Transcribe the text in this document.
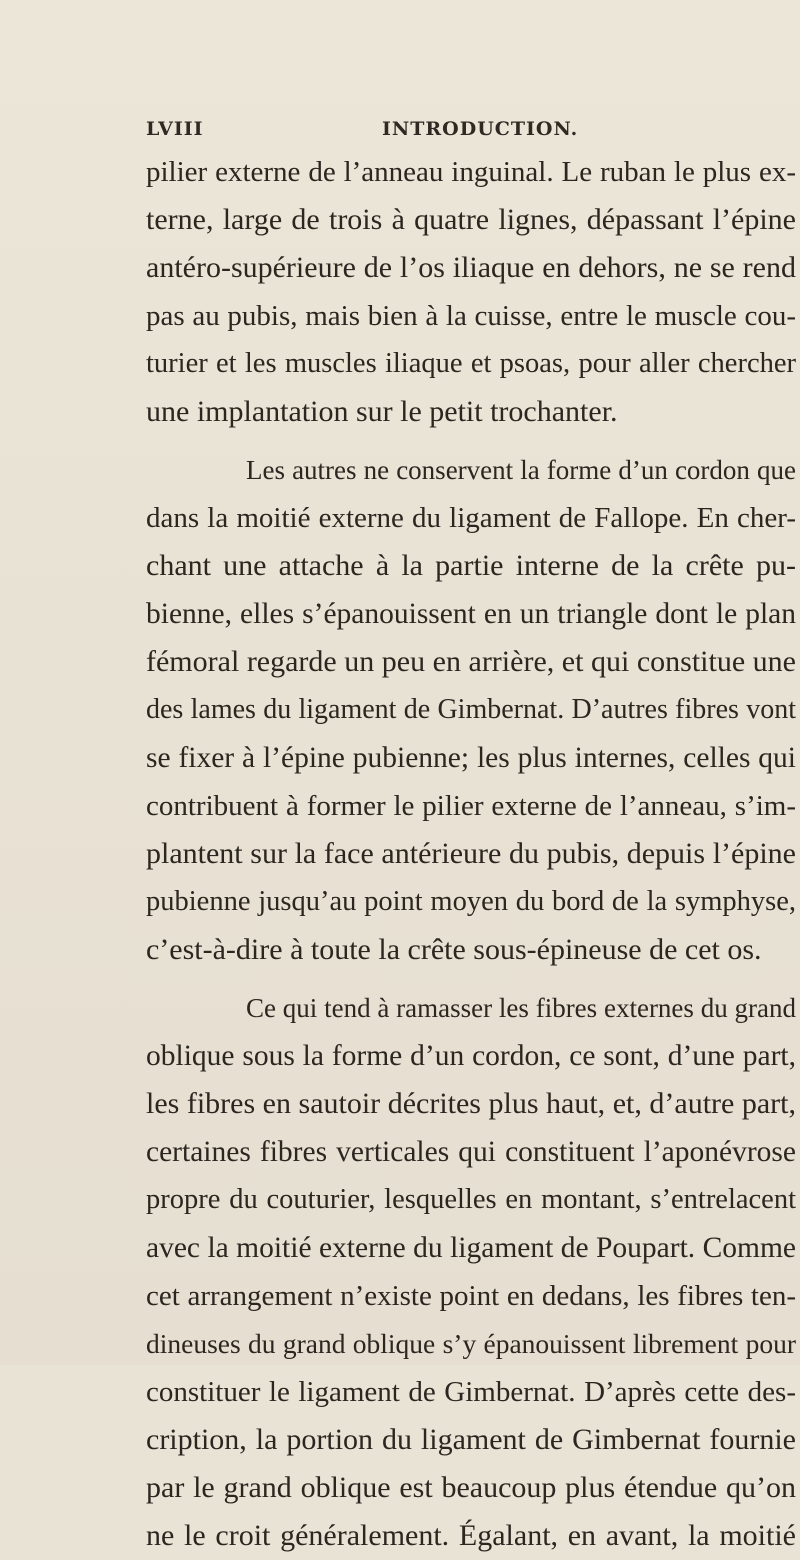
LVIII	INTRODUCTION.
pilier externe de l’anneau inguinal. Le ruban le plus ex-
terne, large de trois à quatre lignes, dépassant l’épine
antéro-supérieure de l’os iliaque en dehors, ne se rend
pas au pubis, mais bien à la cuisse, entre le muscle cou-
turier et les muscles iliaque et psoas, pour aller chercher
une implantation sur le petit trochanter.
Les autres ne conservent la forme d’un cordon que
dans la moitié externe du ligament de Fallope. En cher-
chant une attache à la partie interne de la crête pu-
bienne, elles s’épanouissent en un triangle dont le plan
fémoral regarde un peu en arrière, et qui constitue une
des lames du ligament de Gimbernat. D’autres fibres vont
se fixer à l’épine pubienne; les plus internes, celles qui
contribuent à former le pilier externe de l’anneau, s’im-
plantent sur la face antérieure du pubis, depuis l’épine
pubienne jusqu’au point moyen du bord de la symphyse,
c’est-à-dire à toute la crête sous-épineuse de cet os.
Ce qui tend à ramasser les fibres externes du grand
oblique sous la forme d’un cordon, ce sont, d’une part,
les fibres en sautoir décrites plus haut, et, d’autre part,
certaines fibres verticales qui constituent l’aponévrose
propre du couturier, lesquelles en montant, s’entrelacent
avec la moitié externe du ligament de Poupart. Comme
cet arrangement n’existe point en dedans, les fibres ten-
dineuses du grand oblique s’y épanouissent librement pour
constituer le ligament de Gimbernat. D’après cette des-
cription, la portion du ligament de Gimbernat fournie
par le grand oblique est beaucoup plus étendue qu’on
ne le croit généralement. Égalant, en avant, la moitié
